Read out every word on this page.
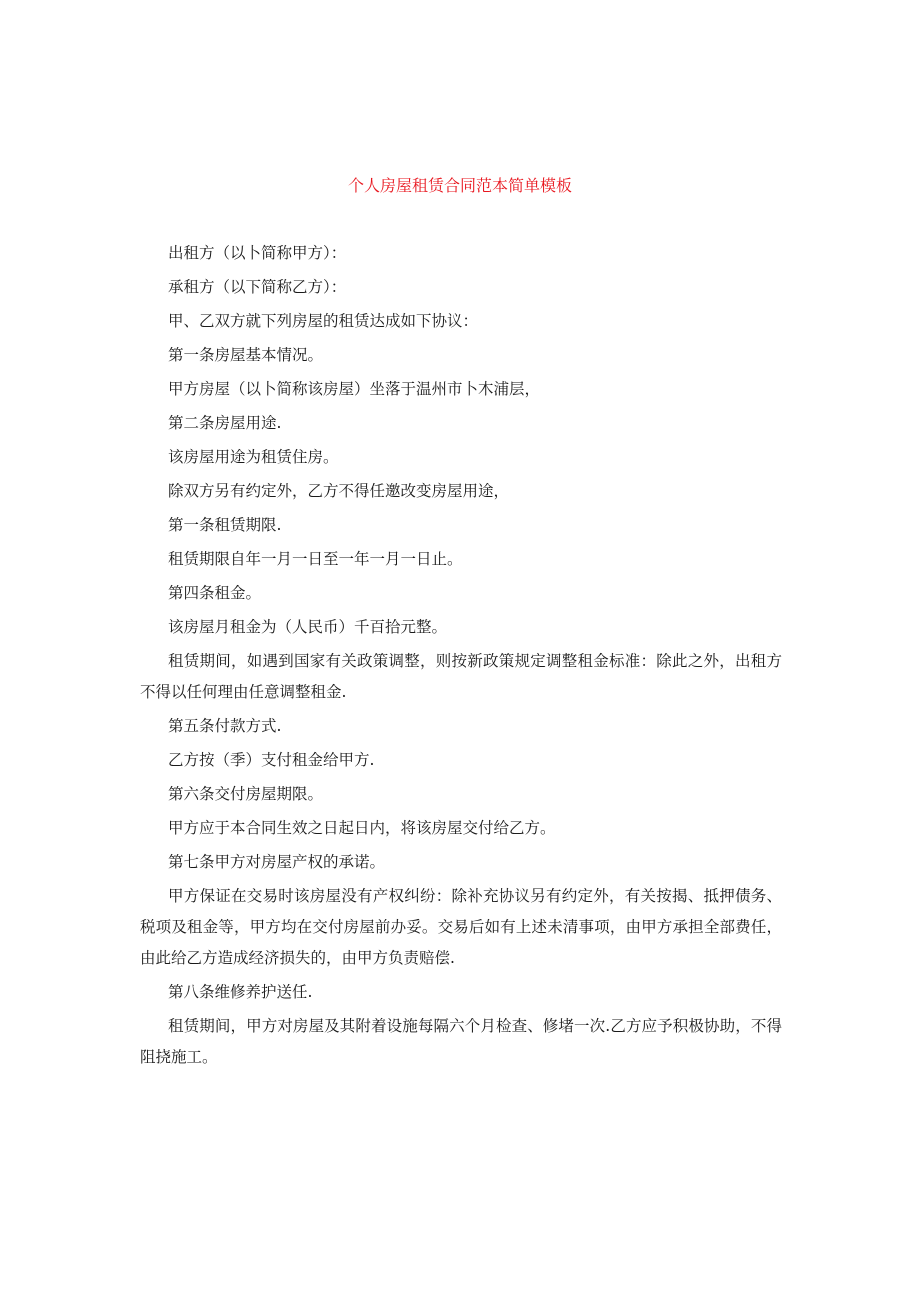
个人房屋租赁合同范本简单模板

出租方（以卜简称甲方）：

承租方（以下简称乙方）：

甲、乙双方就下列房屋的租赁达成如下协议：

第一条房屋基本情况。

甲方房屋（以卜简称该房屋）坐落于温州市卜木浦层，

第二条房屋用途.

该房屋用途为租赁住房。

除双方另有约定外，乙方不得任邀改变房屋用途，

第一条租赁期限.

租赁期限自年一月一日至一年一月一日止。

第四条租金。

该房屋月租金为（人民币）千百拾元整。

租赁期间，如遇到国家有关政策调整，则按新政策规定调整租金标准：除此之外，出租方不得以任何理由任意调整租金.

第五条付款方式.

乙方按（季）支付租金给甲方.

第六条交付房屋期限。

甲方应于本合同生效之日起日内，将该房屋交付给乙方。

第七条甲方对房屋产权的承诺。

甲方保证在交易时该房屋没有产权纠纷：除补充协议另有约定外，有关按揭、抵押债务、税项及租金等，甲方均在交付房屋前办妥。交易后如有上述未清事项，由甲方承担全部费任，由此给乙方造成经济损失的，由甲方负责赔偿.

第八条维修养护送任.

租赁期间，甲方对房屋及其附着设施每隔六个月检查、修堵一次.乙方应予积极协助，不得阻挠施工。
